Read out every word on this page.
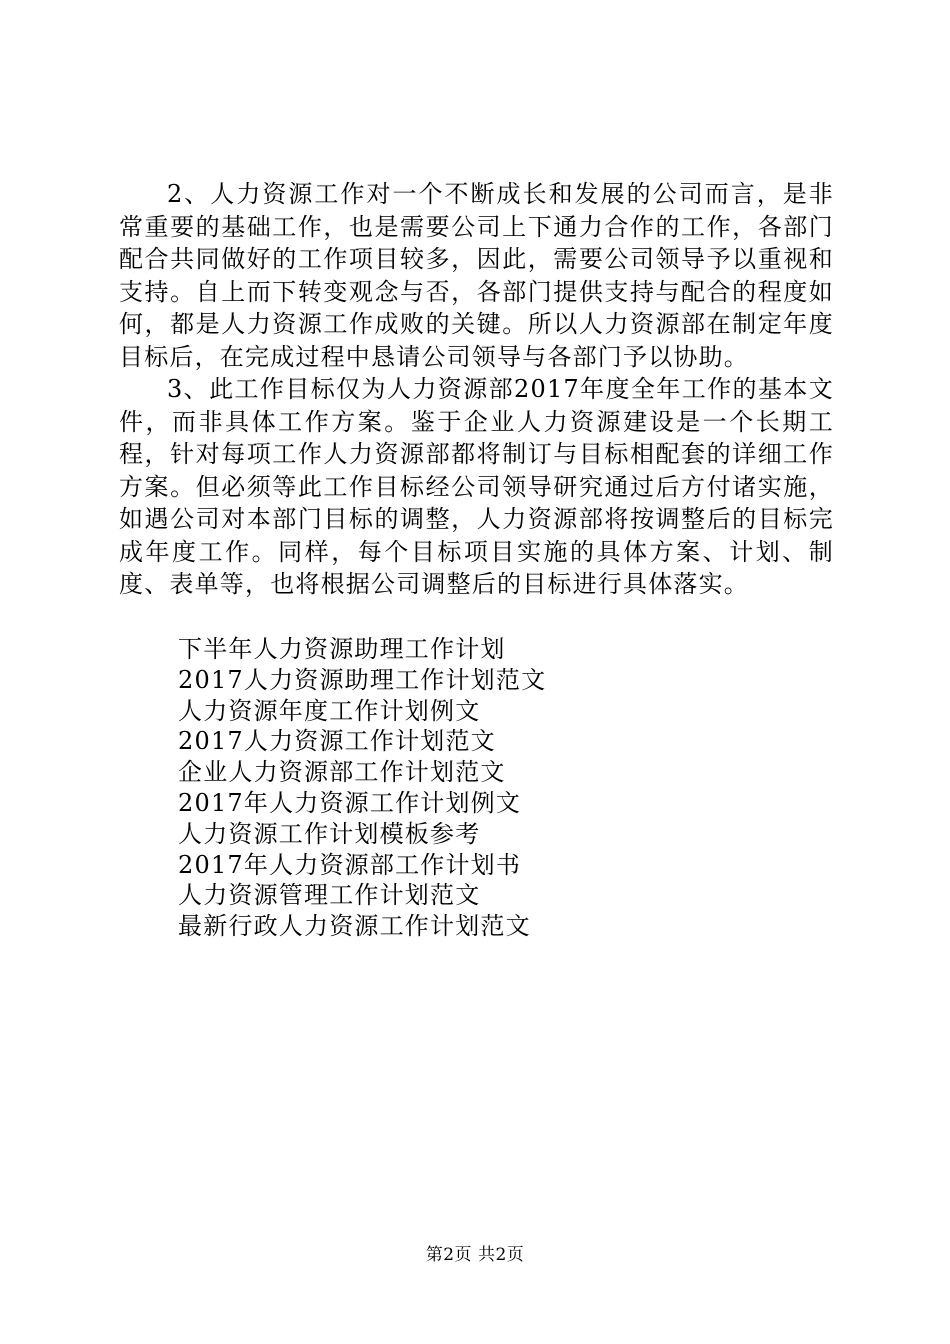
2、人力资源工作对一个不断成长和发展的公司而言，是非常重要的基础工作，也是需要公司上下通力合作的工作，各部门配合共同做好的工作项目较多，因此，需要公司领导予以重视和支持。自上而下转变观念与否，各部门提供支持与配合的程度如何，都是人力资源工作成败的关键。所以人力资源部在制定年度目标后，在完成过程中恳请公司领导与各部门予以协助。

3、此工作目标仅为人力资源部2017年度全年工作的基本文件，而非具体工作方案。鉴于企业人力资源建设是一个长期工程，针对每项工作人力资源部都将制订与目标相配套的详细工作方案。但必须等此工作目标经公司领导研究通过后方付诸实施，如遇公司对本部门目标的调整，人力资源部将按调整后的目标完成年度工作。同样，每个目标项目实施的具体方案、计划、制度、表单等，也将根据公司调整后的目标进行具体落实。

下半年人力资源助理工作计划
2017人力资源助理工作计划范文
人力资源年度工作计划例文
2017人力资源工作计划范文
企业人力资源部工作计划范文
2017年人力资源工作计划例文
人力资源工作计划模板参考
2017年人力资源部工作计划书
人力资源管理工作计划范文
最新行政人力资源工作计划范文
第2页 共2页
